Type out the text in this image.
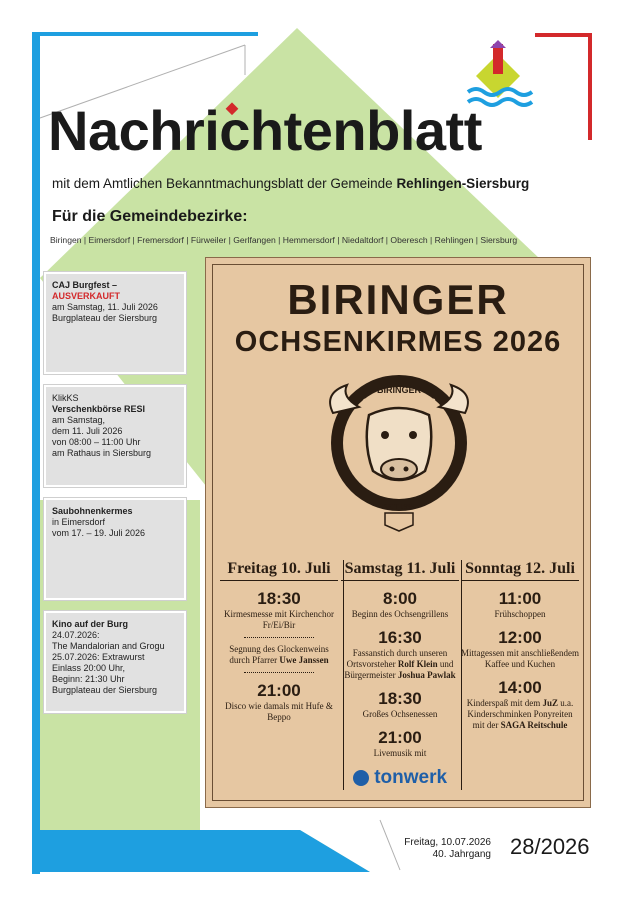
Nachrichtenblatt
mit dem Amtlichen Bekanntmachungsblatt der Gemeinde Rehlingen-Siersburg
Für die Gemeindebezirke:
Biringen | Eimersdorf | Fremersdorf | Fürweiler | Gerlfangen | Hemmersdorf | Niedaltdorf | Oberesch | Rehlingen | Siersburg
CAJ Burgfest –
AUSVERKAUFT
am Samstag, 11. Juli 2026
Burgplateau der Siersburg
KlikKS
Verschenkbörse RESI
am Samstag,
dem 11. Juli 2026
von 08:00 – 11:00 Uhr
am Rathaus in Siersburg
Saubohnenkermes
in Eimersdorf
vom 17. – 19. Juli 2026
Kino auf der Burg
24.07.2026:
The Mandalorian and Grogu
25.07.2026: Extrawurst
Einlass 20:00 Uhr,
Beginn: 21:30 Uhr
Burgplateau der Siersburg
BIRINGER
OCHSENKIRMES 2026
BIRINGER
OCHSENKIRMES
SEIT 1995
Freitag 10. Juli
18:30
Kirmesmesse mit Kirchenchor Fr/Ei/Bir
Segnung des Glockenweins durch Pfarrer Uwe Janssen
21:00
Disco wie damals mit Hufe & Beppo
Samstag 11. Juli
8:00
Beginn des Ochsengrillens
16:30
Fassanstich durch unseren Ortsvorsteher Rolf Klein und Bürgermeister Joshua Pawlak
18:30
Großes Ochsenessen
21:00
Livemusik mit
tonwerk
Sonntag 12. Juli
11:00
Frühschoppen
12:00
Mittagessen mit anschließendem Kaffee und Kuchen
14:00
Kinderspaß mit dem JuZ u.a. Kinderschminken Ponyreiten mit der SAGA Reitschule
Freitag, 10.07.2026
40. Jahrgang 28/2026
